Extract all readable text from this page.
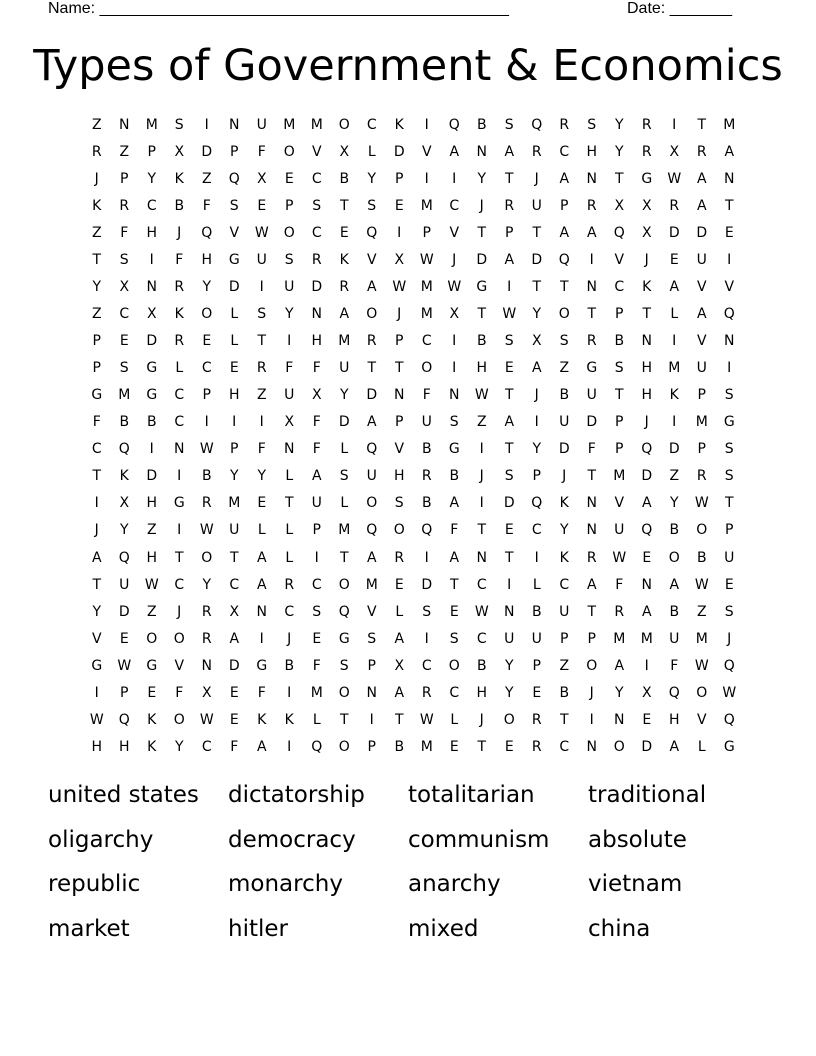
Name: ______________________________________________	Date: _______
Types of Government & Economics
Z	N	M	S	I	N	U	M	M	O	C	K	I	Q	B	S	Q	R	S	Y	R	I	T	M
R	Z	P	X	D	P	F	O	V	X	L	D	V	A	N	A	R	C	H	Y	R	X	R	A
J	P	Y	K	Z	Q	X	E	C	B	Y	P	I	I	Y	T	J	A	N	T	G	W	A	N
K	R	C	B	F	S	E	P	S	T	S	E	M	C	J	R	U	P	R	X	X	R	A	T
Z	F	H	J	Q	V	W	O	C	E	Q	I	P	V	T	P	T	A	A	Q	X	D	D	E
T	S	I	F	H	G	U	S	R	K	V	X	W	J	D	A	D	Q	I	V	J	E	U	I
Y	X	N	R	Y	D	I	U	D	R	A	W	M	W	G	I	T	T	N	C	K	A	V	V
Z	C	X	K	O	L	S	Y	N	A	O	J	M	X	T	W	Y	O	T	P	T	L	A	Q
P	E	D	R	E	L	T	I	H	M	R	P	C	I	B	S	X	S	R	B	N	I	V	N
P	S	G	L	C	E	R	F	F	U	T	T	O	I	H	E	A	Z	G	S	H	M	U	I
G	M	G	C	P	H	Z	U	X	Y	D	N	F	N	W	T	J	B	U	T	H	K	P	S
F	B	B	C	I	I	I	X	F	D	A	P	U	S	Z	A	I	U	D	P	J	I	M	G
C	Q	I	N	W	P	F	N	F	L	Q	V	B	G	I	T	Y	D	F	P	Q	D	P	S
T	K	D	I	B	Y	Y	L	A	S	U	H	R	B	J	S	P	J	T	M	D	Z	R	S
I	X	H	G	R	M	E	T	U	L	O	S	B	A	I	D	Q	K	N	V	A	Y	W	T
J	Y	Z	I	W	U	L	L	P	M	Q	O	Q	F	T	E	C	Y	N	U	Q	B	O	P
A	Q	H	T	O	T	A	L	I	T	A	R	I	A	N	T	I	K	R	W	E	O	B	U
T	U	W	C	Y	C	A	R	C	O	M	E	D	T	C	I	L	C	A	F	N	A	W	E
Y	D	Z	J	R	X	N	C	S	Q	V	L	S	E	W	N	B	U	T	R	A	B	Z	S
V	E	O	O	R	A	I	J	E	G	S	A	I	S	C	U	U	P	P	M	M	U	M	J
G	W	G	V	N	D	G	B	F	S	P	X	C	O	B	Y	P	Z	O	A	I	F	W	Q
I	P	E	F	X	E	F	I	M	O	N	A	R	C	H	Y	E	B	J	Y	X	Q	O	W
W	Q	K	O	W	E	K	K	L	T	I	T	W	L	J	O	R	T	I	N	E	H	V	Q
H	H	K	Y	C	F	A	I	Q	O	P	B	M	E	T	E	R	C	N	O	D	A	L	G
united states	dictatorship	totalitarian	traditional
oligarchy	democracy	communism	absolute
republic	monarchy	anarchy	vietnam
market	hitler	mixed	china
